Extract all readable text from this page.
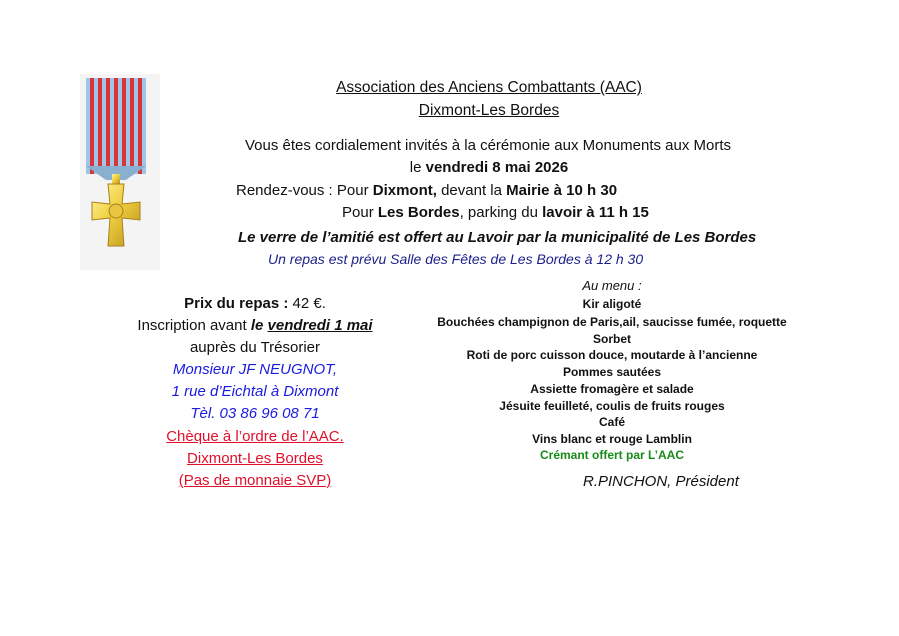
Association des Anciens Combattants (AAC)
Dixmont-Les Bordes
Vous êtes cordialement invités à la cérémonie aux Monuments aux Morts
le vendredi 8 mai 2026
Rendez-vous : Pour Dixmont, devant la Mairie à 10 h 30
Pour Les Bordes, parking du lavoir à 11 h 15
Le verre de l’amitié est offert au Lavoir par la municipalité de Les Bordes
Un repas est prévu Salle des Fêtes de Les Bordes à 12 h 30
Prix du repas : 42 €.
Inscription avant le vendredi 1 mai
auprès du Trésorier
Monsieur JF NEUGNOT,
1 rue d’Eichtal à Dixmont
Tèl. 03 86 96 08 71
Chèque à l’ordre de l’AAC.
Dixmont-Les Bordes
(Pas de monnaie SVP)
Au menu :
Kir aligoté
Bouchées champignon de Paris,ail, saucisse fumée, roquette
Sorbet
Roti de porc cuisson douce, moutarde à l’ancienne
Pommes sautées
Assiette fromagère et salade
Jésuite feuilleté, coulis de fruits rouges
Café
Vins blanc et rouge Lamblin
Crémant offert par L’AAC
R.PINCHON, Président
